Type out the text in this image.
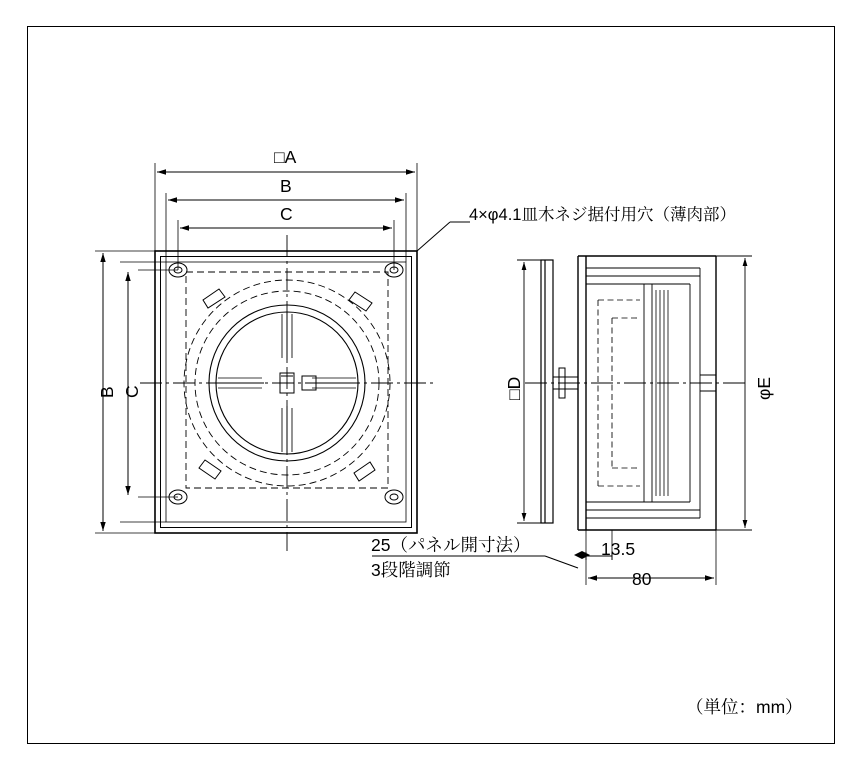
□A
B
C
B C
4×φ4.1皿木ネジ据付用穴（薄肉部）
□D	φE
25（パネル開寸法）
3段階調節
13.5
80
（単位：mm）
